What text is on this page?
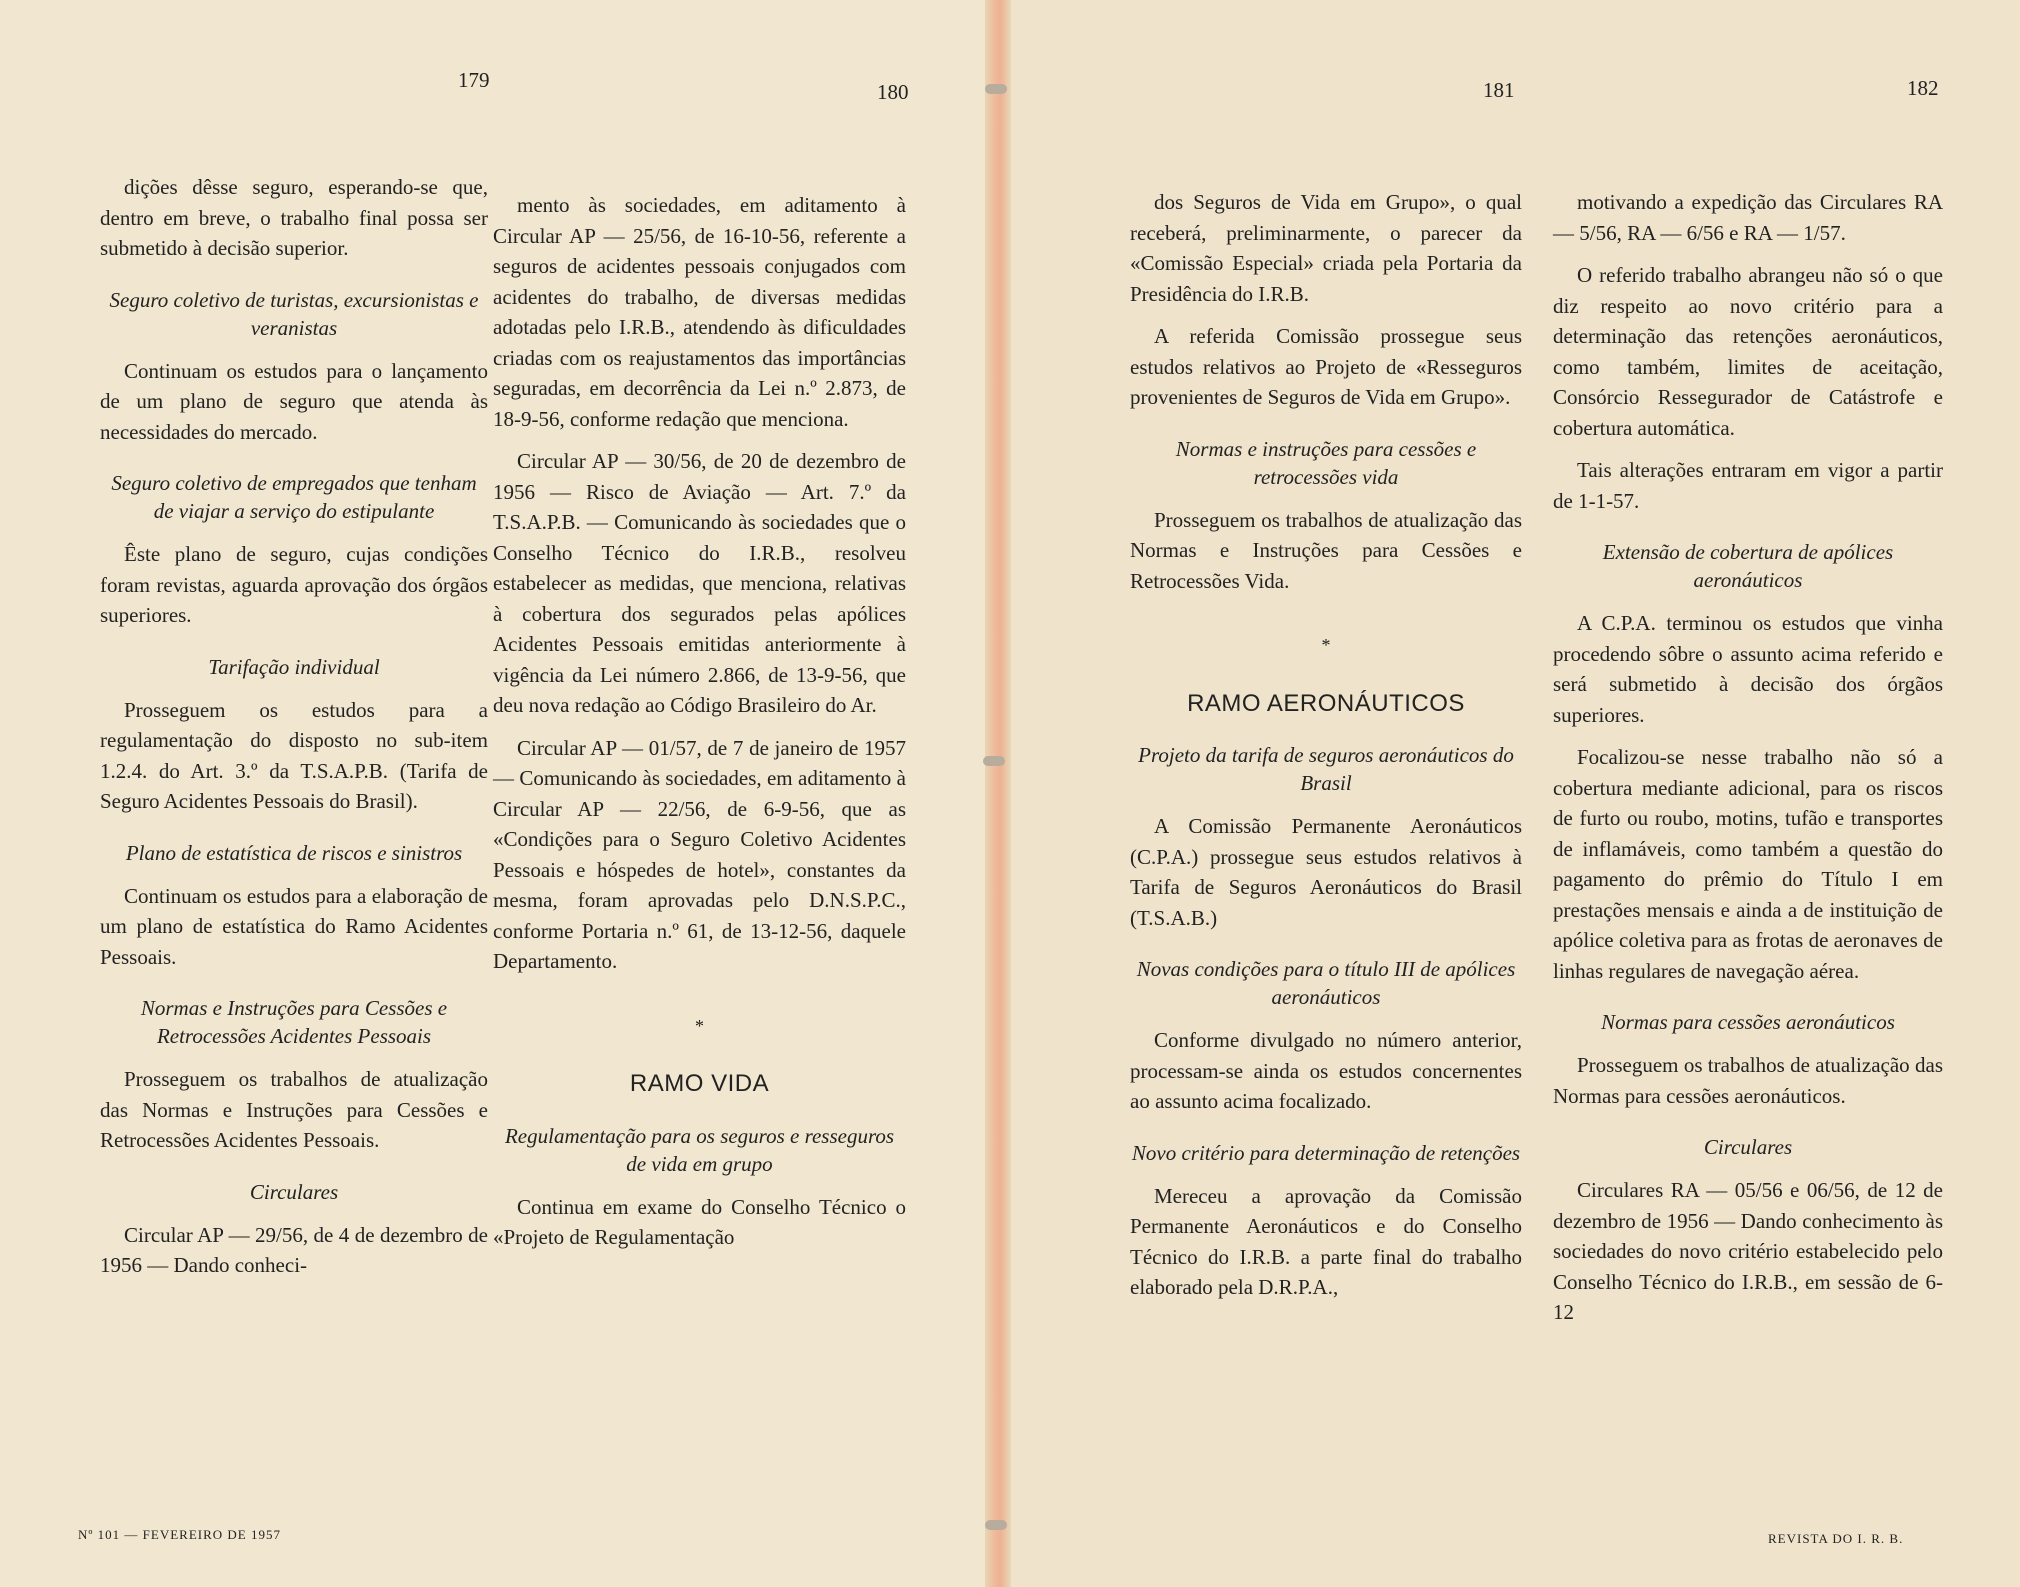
179	180	181	182

dições dêsse seguro, esperando-se que, dentro em breve, o trabalho final possa ser submetido à decisão superior.

Seguro coletivo de turistas, excursionistas e veranistas

Continuam os estudos para o lançamento de um plano de seguro que atenda às necessidades do mercado.

Seguro coletivo de empregados que tenham de viajar a serviço do estipulante

Êste plano de seguro, cujas condições foram revistas, aguarda aprovação dos órgãos superiores.

Tarifação individual

Prosseguem os estudos para a regulamentação do disposto no sub-item 1.2.4. do Art. 3.º da T.S.A.P.B. (Tarifa de Seguro Acidentes Pessoais do Brasil).

Plano de estatística de riscos e sinistros

Continuam os estudos para a elaboração de um plano de estatística do Ramo Acidentes Pessoais.

Normas e Instruções para Cessões e Retrocessões Acidentes Pessoais

Prosseguem os trabalhos de atualização das Normas e Instruções para Cessões e Retrocessões Acidentes Pessoais.

Circulares

Circular AP — 29/56, de 4 de dezembro de 1956 — Dando conheci-

mento às sociedades, em aditamento à Circular AP — 25/56, de 16-10-56, referente a seguros de acidentes pessoais conjugados com acidentes do trabalho, de diversas medidas adotadas pelo I.R.B., atendendo às dificuldades criadas com os reajustamentos das importâncias seguradas, em decorrência da Lei n.º 2.873, de 18-9-56, conforme redação que menciona.

Circular AP — 30/56, de 20 de dezembro de 1956 — Risco de Aviação — Art. 7.º da T.S.A.P.B. — Comunicando às sociedades que o Conselho Técnico do I.R.B., resolveu estabelecer as medidas, que menciona, relativas à cobertura dos segurados pelas apólices Acidentes Pessoais emitidas anteriormente à vigência da Lei número 2.866, de 13-9-56, que deu nova redação ao Código Brasileiro do Ar.

Circular AP — 01/57, de 7 de janeiro de 1957 — Comunicando às sociedades, em aditamento à Circular AP — 22/56, de 6-9-56, que as «Condições para o Seguro Coletivo Acidentes Pessoais e hóspedes de hotel», constantes da mesma, foram aprovadas pelo D.N.S.P.C., conforme Portaria n.º 61, de 13-12-56, daquele Departamento.

*

RAMO VIDA

Regulamentação para os seguros e resseguros de vida em grupo

Continua em exame do Conselho Técnico o «Projeto de Regulamentação

dos Seguros de Vida em Grupo», o qual receberá, preliminarmente, o parecer da «Comissão Especial» criada pela Portaria da Presidência do I.R.B.

A referida Comissão prossegue seus estudos relativos ao Projeto de «Resseguros provenientes de Seguros de Vida em Grupo».

Normas e instruções para cessões e retrocessões vida

Prosseguem os trabalhos de atualização das Normas e Instruções para Cessões e Retrocessões Vida.

*

RAMO AERONÁUTICOS

Projeto da tarifa de seguros aeronáuticos do Brasil

A Comissão Permanente Aeronáuticos (C.P.A.) prossegue seus estudos relativos à Tarifa de Seguros Aeronáuticos do Brasil (T.S.A.B.)

Novas condições para o título III de apólices aeronáuticos

Conforme divulgado no número anterior, processam-se ainda os estudos concernentes ao assunto acima focalizado.

Novo critério para determinação de retenções

Mereceu a aprovação da Comissão Permanente Aeronáuticos e do Conselho Técnico do I.R.B. a parte final do trabalho elaborado pela D.R.P.A.,

motivando a expedição das Circulares RA — 5/56, RA — 6/56 e RA — 1/57.

O referido trabalho abrangeu não só o que diz respeito ao novo critério para a determinação das retenções aeronáuticos, como também, limites de aceitação, Consórcio Ressegurador de Catástrofe e cobertura automática.

Tais alterações entraram em vigor a partir de 1-1-57.

Extensão de cobertura de apólices aeronáuticos

A C.P.A. terminou os estudos que vinha procedendo sôbre o assunto acima referido e será submetido à decisão dos órgãos superiores.

Focalizou-se nesse trabalho não só a cobertura mediante adicional, para os riscos de furto ou roubo, motins, tufão e transportes de inflamáveis, como também a questão do pagamento do prêmio do Título I em prestações mensais e ainda a de instituição de apólice coletiva para as frotas de aeronaves de linhas regulares de navegação aérea.

Normas para cessões aeronáuticos

Prosseguem os trabalhos de atualização das Normas para cessões aeronáuticos.

Circulares

Circulares RA — 05/56 e 06/56, de 12 de dezembro de 1956 — Dando conhecimento às sociedades do novo critério estabelecido pelo Conselho Técnico do I.R.B., em sessão de 6-12

Nº 101 — FEVEREIRO DE 1957	REVISTA DO I. R. B.
